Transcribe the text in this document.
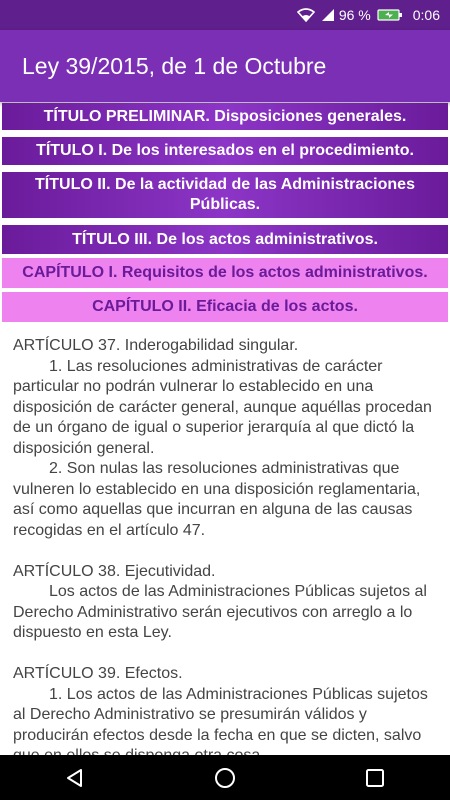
96 %	0:06
Ley 39/2015, de 1 de Octubre
TÍTULO PRELIMINAR. Disposiciones generales.
TÍTULO I. De los interesados en el procedimiento.
TÍTULO II. De la actividad de las Administraciones Públicas.
TÍTULO III. De los actos administrativos.
CAPÍTULO I. Requisitos de los actos administrativos.
CAPÍTULO II. Eficacia de los actos.

ARTÍCULO 37. Inderogabilidad singular.

1. Las resoluciones administrativas de carácter particular no podrán vulnerar lo establecido en una disposición de carácter general, aunque aquéllas procedan de un órgano de igual o superior jerarquía al que dictó la disposición general.

2. Son nulas las resoluciones administrativas que vulneren lo establecido en una disposición reglamentaria, así como aquellas que incurran en alguna de las causas recogidas en el artículo 47.

ARTÍCULO 38. Ejecutividad.

Los actos de las Administraciones Públicas sujetos al Derecho Administrativo serán ejecutivos con arreglo a lo dispuesto en esta Ley.

ARTÍCULO 39. Efectos.

1. Los actos de las Administraciones Públicas sujetos al Derecho Administrativo se presumirán válidos y producirán efectos desde la fecha en que se dicten, salvo
